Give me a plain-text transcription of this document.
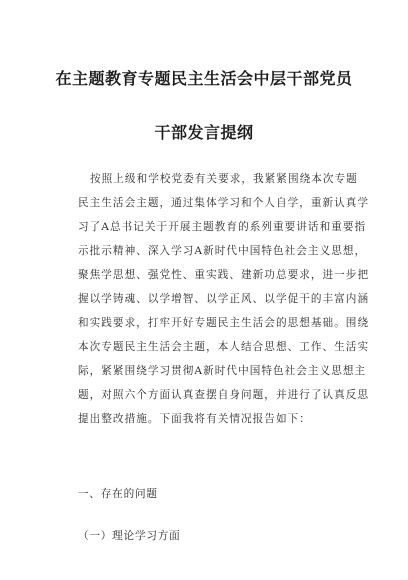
在主题教育专题民主生活会中层干部党员
干部发言提纲
按照上级和学校党委有关要求，我紧紧围绕本次专题
民主生活会主题，通过集体学习和个人自学，重新认真学
习了A总书记关于开展主题教育的系列重要讲话和重要指
示批示精神、深入学习A新时代中国特色社会主义思想，
聚焦学思想、强党性、重实践、建新功总要求，进一步把
握以学铸魂、以学增智、以学正风、以学促干的丰富内涵
和实践要求，打牢开好专题民主生活会的思想基础。围绕
本次专题民主生活会主题，本人结合思想、工作、生活实
际，紧紧围绕学习贯彻A新时代中国特色社会主义思想主
题，对照六个方面认真查摆自身问题，并进行了认真反思
提出整改措施。下面我将有关情况报告如下：
一、存在的问题
（一）理论学习方面
